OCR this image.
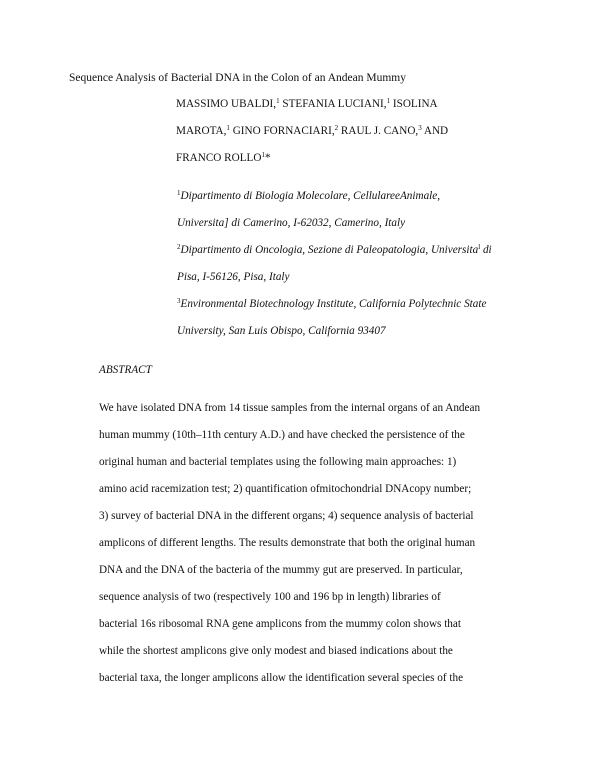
Sequence Analysis of Bacterial DNA in the Colon of an Andean Mummy
MASSIMO UBALDI,$^1$ STEFANIA LUCIANI,$^1$ ISOLINA
MAROTA,$^1$ GINO FORNACIARI,$^2$ RAUL J. CANO,$^3$ AND
FRANCO ROLLO$^1$*
$^1$Dipartimento di Biologia Molecolare, CellulareeAnimale,
Universita] di Camerino, I-62032, Camerino, Italy
$^2$Dipartimento di Oncologia, Sezione di Paleopatologia, Universita$^l$ di
Pisa, I-56126, Pisa, Italy
$^3$Environmental Biotechnology Institute, California Polytechnic State
University, San Luis Obispo, California 93407
ABSTRACT
We have isolated DNA from 14 tissue samples from the internal organs of an Andean
human mummy (10th–11th century A.D.) and have checked the persistence of the
original human and bacterial templates using the following main approaches: 1)
amino acid racemization test; 2) quantification ofmitochondrial DNAcopy number;
3) survey of bacterial DNA in the different organs; 4) sequence analysis of bacterial
amplicons of different lengths. The results demonstrate that both the original human
DNA and the DNA of the bacteria of the mummy gut are preserved. In particular,
sequence analysis of two (respectively 100 and 196 bp in length) libraries of
bacterial 16s ribosomal RNA gene amplicons from the mummy colon shows that
while the shortest amplicons give only modest and biased indications about the
bacterial taxa, the longer amplicons allow the identification several species of the
